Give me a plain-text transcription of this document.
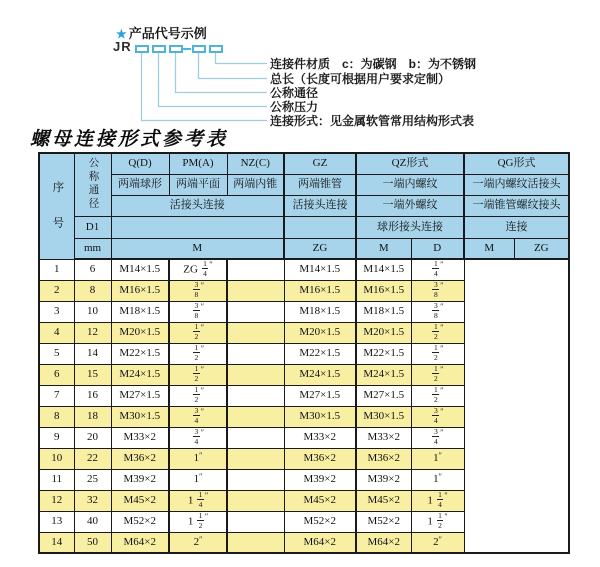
★ 产品代号示例
JR
连接件材质　c：为碳钢　b：为不锈钢
总长（长度可根据用户要求定制）
公称通径
公称压力
连接形式：见金属软管常用结构形式表
螺母连接形式参考表
序号	公称通径	Q(D)	PM(A)	NZ(C)	GZ	QZ形式		QG形式	
		两端球形	两端平面	两端内锥	两端锥管	一端内螺纹		一端内螺纹活接头	
		活接头连接			活接头连接	一端外螺纹		一端锥管螺纹接头	
	D1					球形接头连接		连接	
	mm	M			ZG	M	D	M	ZG
1	6	M14×1.5	ZG $\frac{1}{4} ''$		M14×1.5	M14×1.5	$\frac{1}{4} ''$
2	8	M16×1.5	$\frac{3}{8} ''$		M16×1.5	M16×1.5	$\frac{3}{8} ''$
3	10	M18×1.5	$\frac{3}{8} ''$		M18×1.5	M18×1.5	$\frac{3}{8} ''$
4	12	M20×1.5	$\frac{1}{2} ''$		M20×1.5	M20×1.5	$\frac{1}{2} ''$
5	14	M22×1.5	$\frac{1}{2} ''$		M22×1.5	M22×1.5	$\frac{1}{2} ''$
6	15	M24×1.5	$\frac{1}{2} ''$		M24×1.5	M24×1.5	$\frac{1}{2} ''$
7	16	M27×1.5	$\frac{1}{2} ''$		M27×1.5	M27×1.5	$\frac{1}{2} ''$
8	18	M30×1.5	$\frac{3}{4} ''$		M30×1.5	M30×1.5	$\frac{3}{4} ''$
9	20	M33×2	$\frac{3}{4} ''$		M33×2	M33×2	$\frac{3}{4} ''$
10	22	M36×2	1″		M36×2	M36×2	1″
11	25	M39×2	1″		M39×2	M39×2	1″
12	32	M45×2	$1 \frac{1}{4} ''$		M45×2	M45×2	$1 \frac{1}{4} ''$
13	40	M52×2	$1 \frac{1}{2} ''$		M52×2	M52×2	$1 \frac{1}{2} ''$
14	50	M64×2	2″		M64×2	M64×2	2″
